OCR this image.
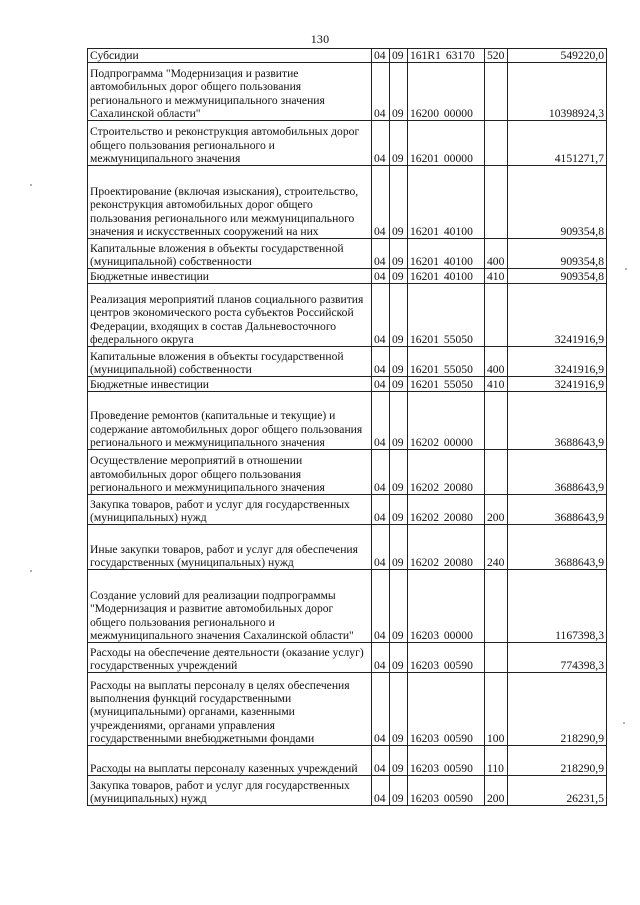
130
Субсидии	04	09	161R1 63170	520	549220,0
Подпрограмма "Модернизация и развитие автомобильных дорог общего пользования регионального и межмуниципального значения Сахалинской области"	04	09	16200 00000		10398924,3
Строительство и реконструкция автомобильных дорог общего пользования регионального и межмуниципального значения	04	09	16201 00000		4151271,7
Проектирование (включая изыскания), строительство, реконструкция автомобильных дорог общего пользования региональногo или межмуниципального значения и искусственных сооружений на них	04	09	16201 40100		909354,8
Капитальные вложения в объекты государственной (муниципальной) собственности	04	09	16201 40100	400	909354,8
Бюджетные инвестиции	04	09	16201 40100	410	909354,8
Реализация мероприятий планов социального развития центров экономического роста субъектов Российской Федерации, входящих в состав Дальневосточного федерального округа	04	09	16201 55050		3241916,9
Капитальные вложения в объекты государственной (муниципальной) собственности	04	09	16201 55050	400	3241916,9
Бюджетные инвестиции	04	09	16201 55050	410	3241916,9
Проведение ремонтов (капитальные и текущие) и содержание автомобильных дорог общего пользования регионального и межмуниципального значения	04	09	16202 00000		3688643,9
Осуществление мероприятий в отношении автомобильных дорог общего пользования регионального и межмуниципального значения	04	09	16202 20080		3688643,9
Закупка товаров, работ и услуг для государственных (муниципальных) нужд	04	09	16202 20080	200	3688643,9
Иные закупки товаров, работ и услуг для обеспечения государственных (муниципальных) нужд	04	09	16202 20080	240	3688643,9
Создание условий для реализации подпрограммы "Модернизация и развитие автомобильных дорог общего пользования регионального и межмуниципального значения Сахалинской области"	04	09	16203 00000		1167398,3
Расходы на обеспечение деятельности (оказание услуг) государственных учреждений	04	09	16203 00590		774398,3
Расходы на выплаты персоналу в целях обеспечения выполнения функций государственными (муниципальными) органами, казенными учреждениями, органами управления государственными внебюджетными фондами	04	09	16203 00590	100	218290,9
Расходы на выплаты персоналу казенных учреждений	04	09	16203 00590	110	218290,9
Закупка товаров, работ и услуг для государственных (муниципальных) нужд	04	09	16203 00590	200	26231,5
